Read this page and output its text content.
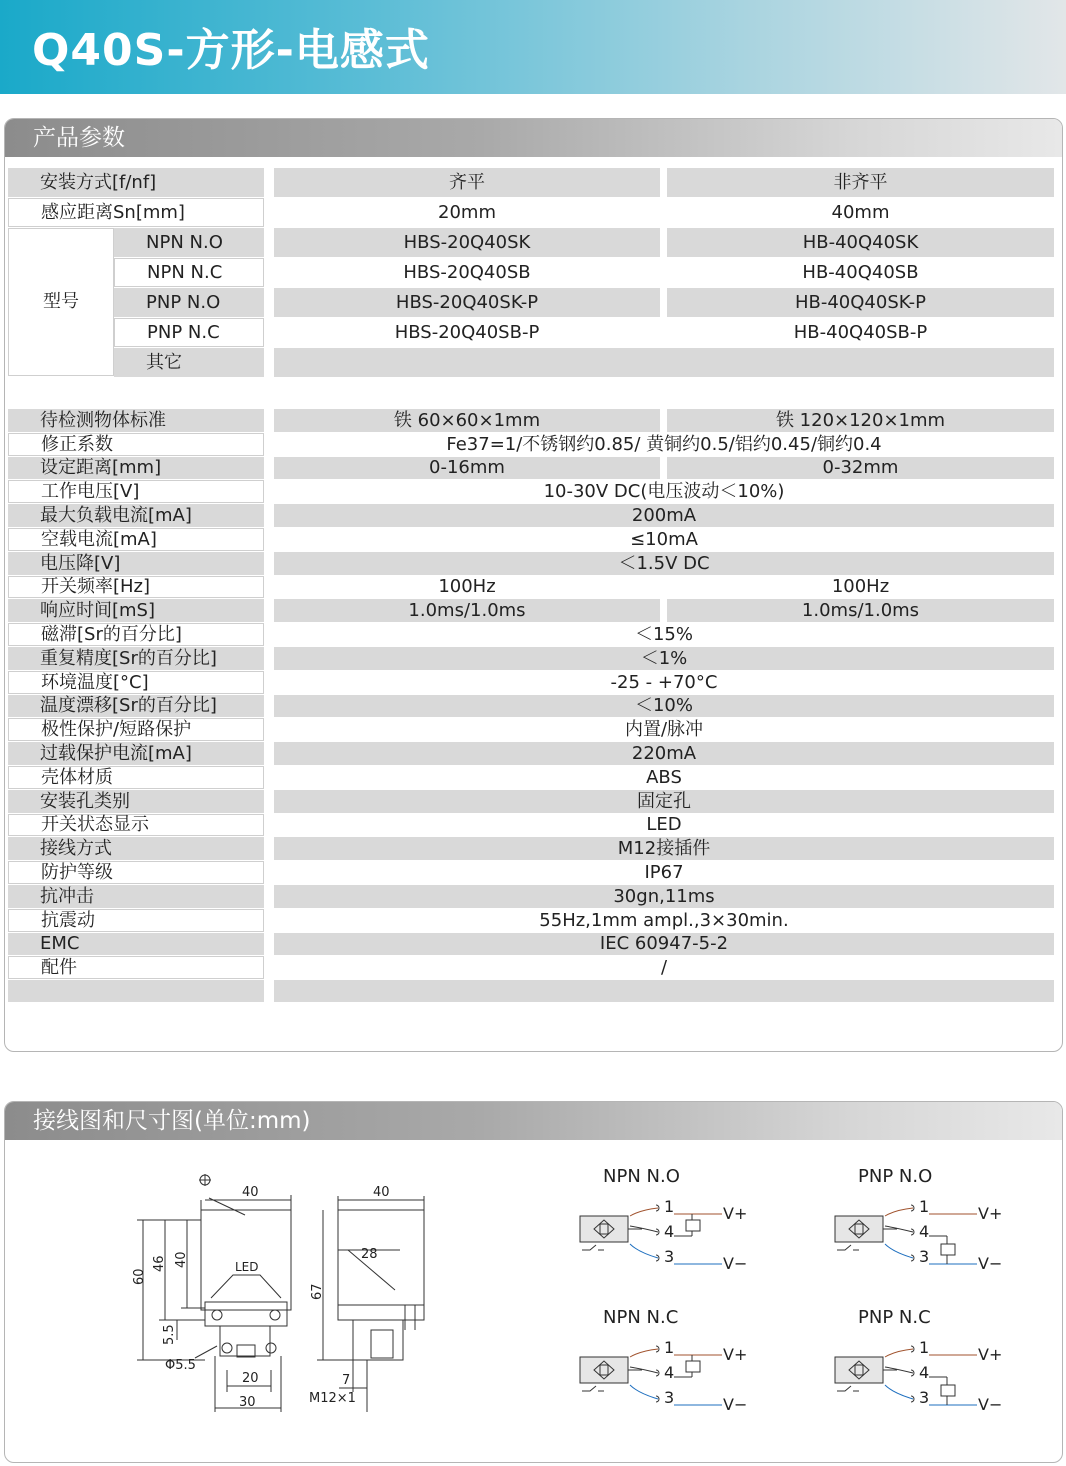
Q40S-方形-电感式
产品参数
安装方式[f/nf]	齐平	非齐平
感应距离Sn[mm]	20mm	40mm
型号
NPN N.O	HBS-20Q40SK	HB-40Q40SK
NPN N.C	HBS-20Q40SB	HB-40Q40SB
PNP N.O	HBS-20Q40SK-P	HB-40Q40SK-P
PNP N.C	HBS-20Q40SB-P	HB-40Q40SB-P
其它
待检测物体标准	铁 60×60×1mm	铁 120×120×1mm
修正系数	Fe37=1/不锈钢约0.85/ 黄铜约0.5/铝约0.45/铜约0.4
设定距离[mm]	0-16mm	0-32mm
工作电压[V]	10-30V DC(电压波动＜10%)
最大负载电流[mA]	200mA
空载电流[mA]	≤10mA
电压降[V]	＜1.5V DC
开关频率[Hz]	100Hz	100Hz
响应时间[mS]	1.0ms/1.0ms	1.0ms/1.0ms
磁滞[Sr的百分比]	＜15%
重复精度[Sr的百分比]	＜1%
环境温度[°C]	-25 - +70°C
温度漂移[Sr的百分比]	＜10%
极性保护/短路保护	内置/脉冲
过载保护电流[mA]	220mA
壳体材质	ABS
安装孔类别	固定孔
开关状态显示	LED
接线方式	M12接插件
防护等级	IP67
抗冲击	30gn,11ms
抗震动	55Hz,1mm ampl.,3×30min.
EMC	IEC 60947-5-2
配件	/
接线图和尺寸图(单位:mm)
40
LED
60
46 40
5.5
Φ5.5
20
30
40
67
28
7
M12×1
NPN N.O
1
4
3
V+
V−
PNP N.O
1
4
3
V+
V−
NPN N.C
1
4
3
V+
V−
PNP N.C
1
4
3
V+
V−
